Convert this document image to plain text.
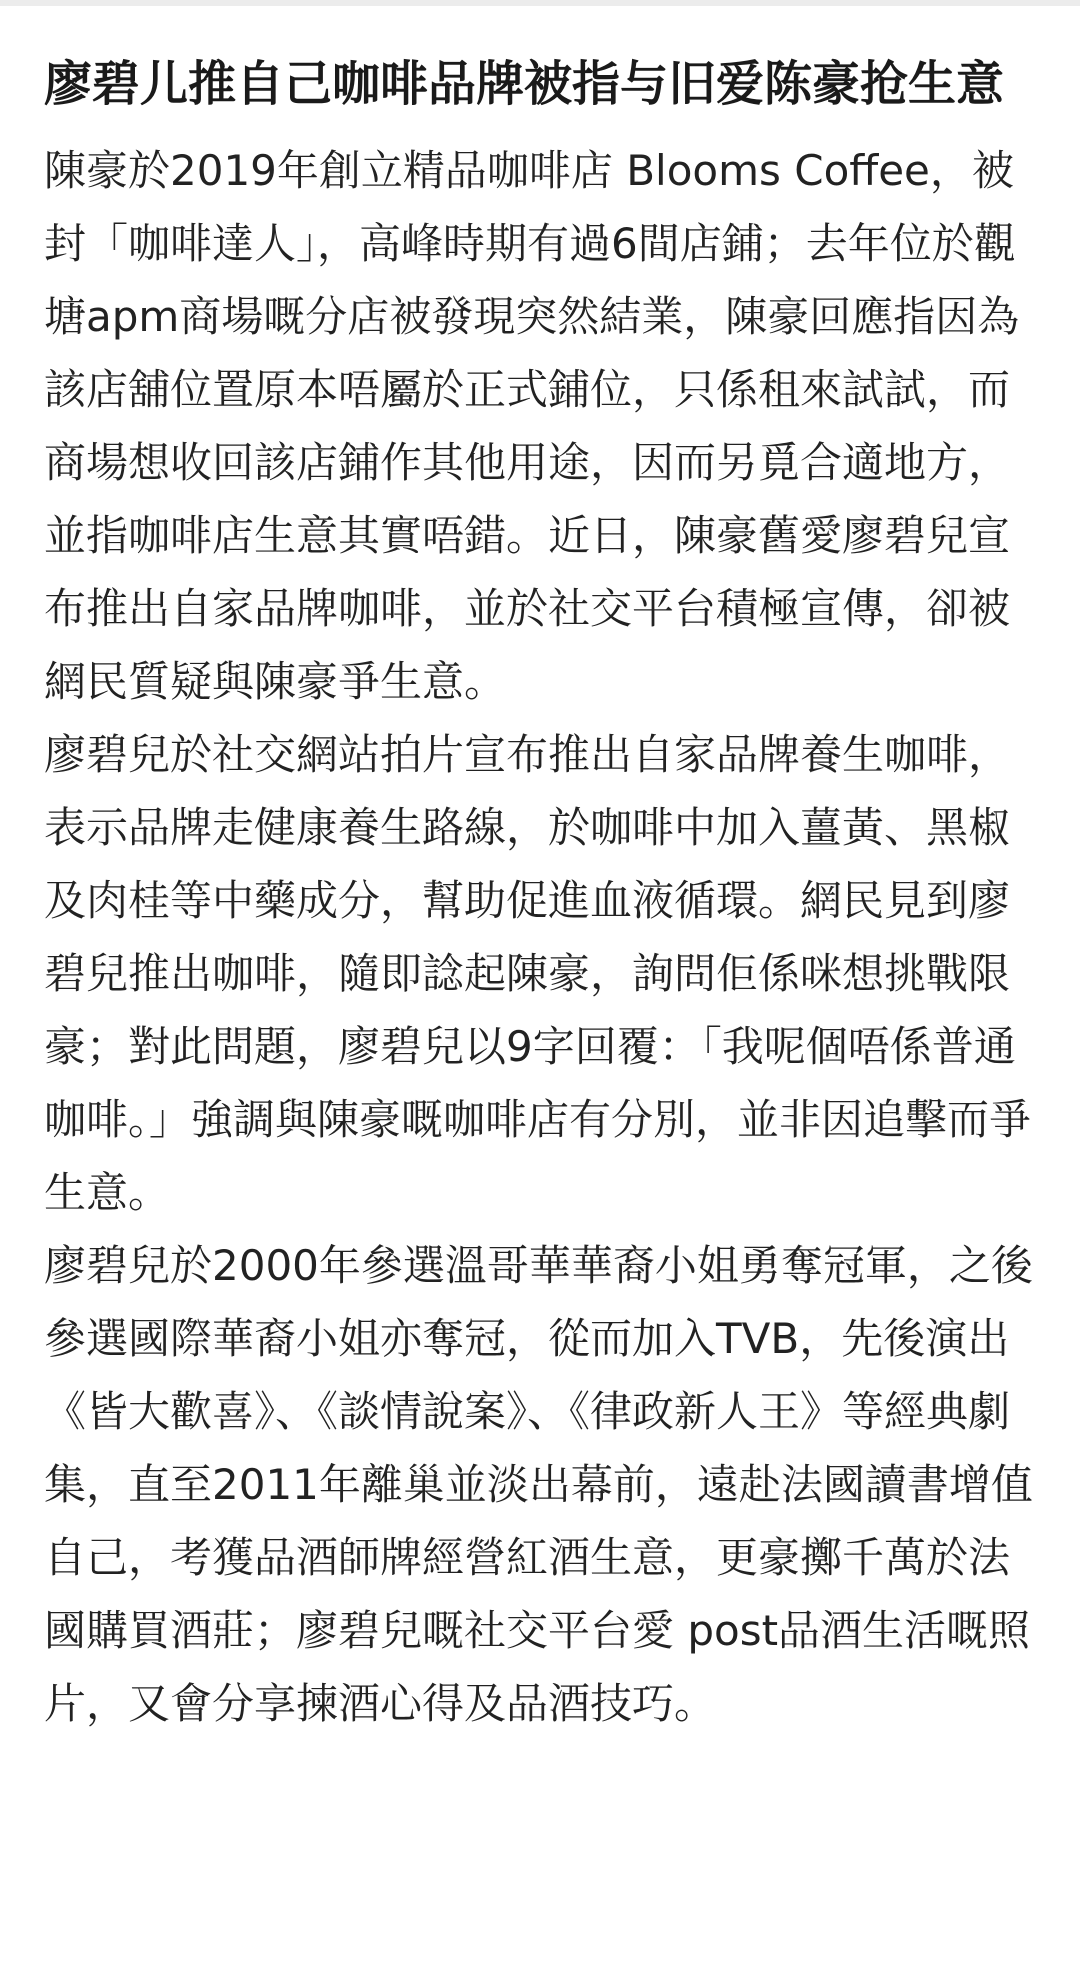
廖碧儿推自己咖啡品牌被指与旧爱陈豪抢生意

陳豪於2019年創立精品咖啡店 Blooms Coffee，被封「咖啡達人」，高峰時期有過6間店鋪；去年位於觀塘apm商場嘅分店被發現突然結業，陳豪回應指因為該店舖位置原本唔屬於正式鋪位，只係租來試試，而商場想收回該店鋪作其他用途，因而另覓合適地方，並指咖啡店生意其實唔錯。近日，陳豪舊愛廖碧兒宣布推出自家品牌咖啡，並於社交平台積極宣傳，卻被網民質疑與陳豪爭生意。

廖碧兒於社交網站拍片宣布推出自家品牌養生咖啡，表示品牌走健康養生路線，於咖啡中加入薑黃、黑椒及肉桂等中藥成分，幫助促進血液循環。網民見到廖碧兒推出咖啡，隨即諗起陳豪，詢問佢係咪想挑戰限豪；對此問題，廖碧兒以9字回覆：「我呢個唔係普通咖啡。」強調與陳豪嘅咖啡店有分別，並非因追擊而爭生意。

廖碧兒於2000年參選溫哥華華裔小姐勇奪冠軍，之後參選國際華裔小姐亦奪冠，從而加入TVB，先後演出《皆大歡喜》、《談情說案》、《律政新人王》等經典劇集，直至2011年離巢並淡出幕前，遠赴法國讀書增值自己，考獲品酒師牌經營紅酒生意，更豪擲千萬於法國購買酒莊；廖碧兒嘅社交平台愛 post品酒生活嘅照片，又會分享揀酒心得及品酒技巧。
